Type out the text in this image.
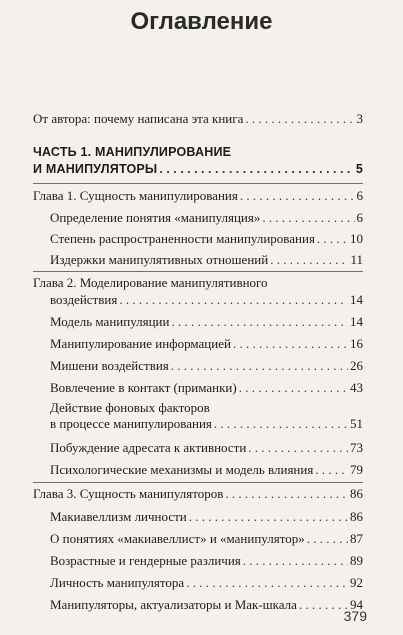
Оглавление
От автора: почему написана эта книга . . .	3
ЧАСТЬ 1. МАНИПУЛИРОВАНИЕ
И МАНИПУЛЯТОРЫ . . .	5
Глава 1. Сущность манипулирования . . .	6
Определение понятия «манипуляция» . . .	6
Степень распространенности манипулирования . . .	10
Издержки манипулятивных отношений . . .	11
Глава 2. Моделирование манипулятивного
воздействия . . .	14
Модель манипуляции . . .	14
Манипулирование информацией . . .	16
Мишени воздействия . . .	26
Вовлечение в контакт (приманки) . . .	43
Действие фоновых факторов
в процессе манипулирования . . .	51
Побуждение адресата к активности . . .	73
Психологические механизмы и модель влияния . . .	79
Глава 3. Сущность манипуляторов . . .	86
Макиавеллизм личности . . .	86
О понятиях «макиавеллист» и «манипулятор» . . .	87
Возрастные и гендерные различия . . .	89
Личность манипулятора . . .	92
Манипуляторы, актуализаторы и Мак-шкала . . .	94
379
